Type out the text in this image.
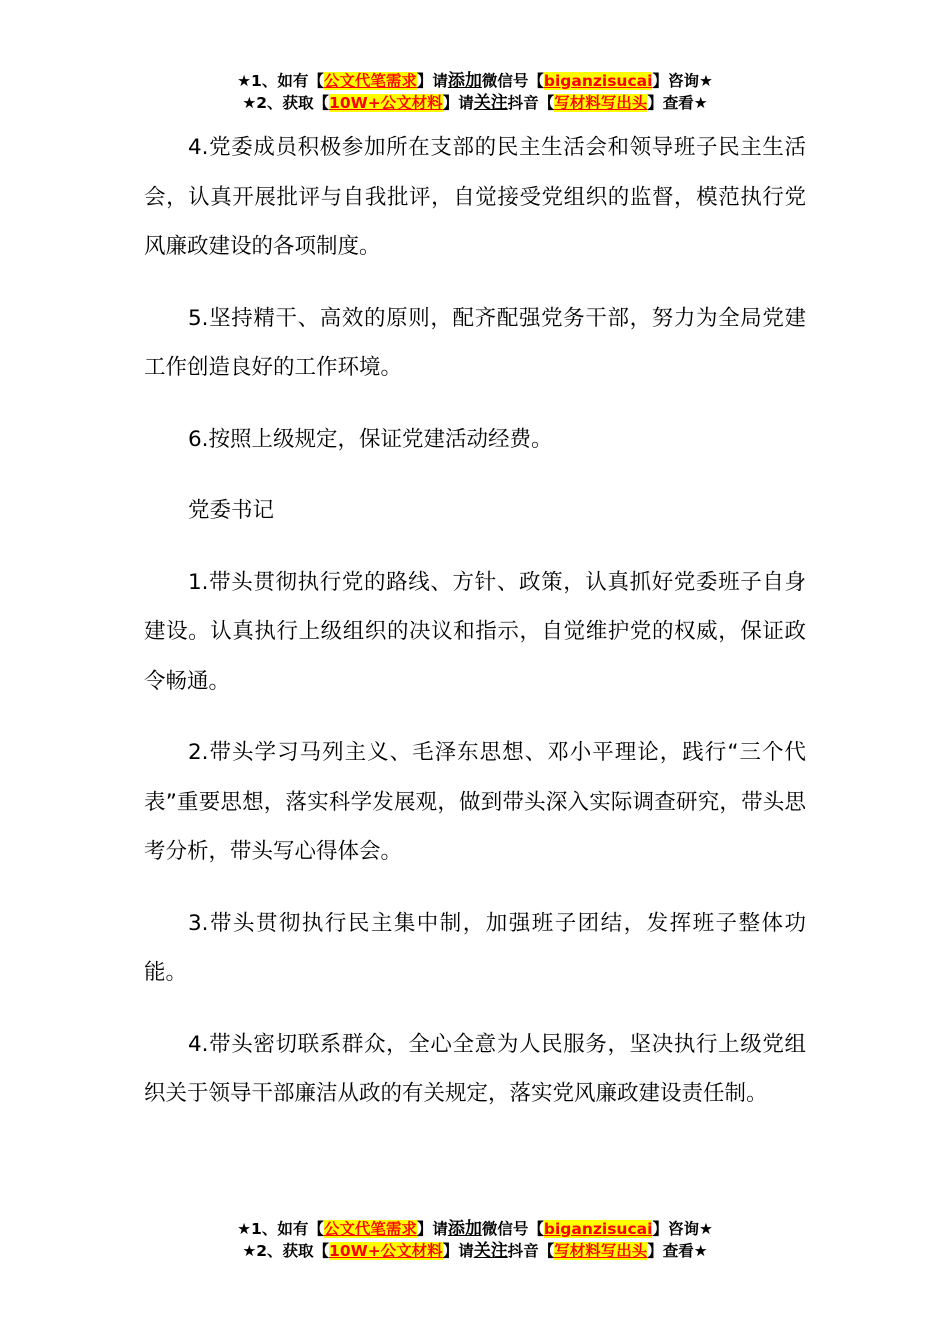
★1、如有【公文代笔需求】请添加微信号【biganzisucai】咨询★
★2、获取【10W+公文材料】请关注抖音【写材料写出头】查看★

4.党委成员积极参加所在支部的民主生活会和领导班子民主生活会，认真开展批评与自我批评，自觉接受党组织的监督，模范执行党风廉政建设的各项制度。

5.坚持精干、高效的原则，配齐配强党务干部，努力为全局党建工作创造良好的工作环境。

6.按照上级规定，保证党建活动经费。

党委书记

1.带头贯彻执行党的路线、方针、政策，认真抓好党委班子自身建设。认真执行上级组织的决议和指示，自觉维护党的权威，保证政令畅通。

2.带头学习马列主义、毛泽东思想、邓小平理论，践行“三个代表”重要思想，落实科学发展观，做到带头深入实际调查研究，带头思考分析，带头写心得体会。

3.带头贯彻执行民主集中制，加强班子团结，发挥班子整体功能。

4.带头密切联系群众，全心全意为人民服务，坚决执行上级党组织关于领导干部廉洁从政的有关规定，落实党风廉政建设责任制。

★1、如有【公文代笔需求】请添加微信号【biganzisucai】咨询★
★2、获取【10W+公文材料】请关注抖音【写材料写出头】查看★
